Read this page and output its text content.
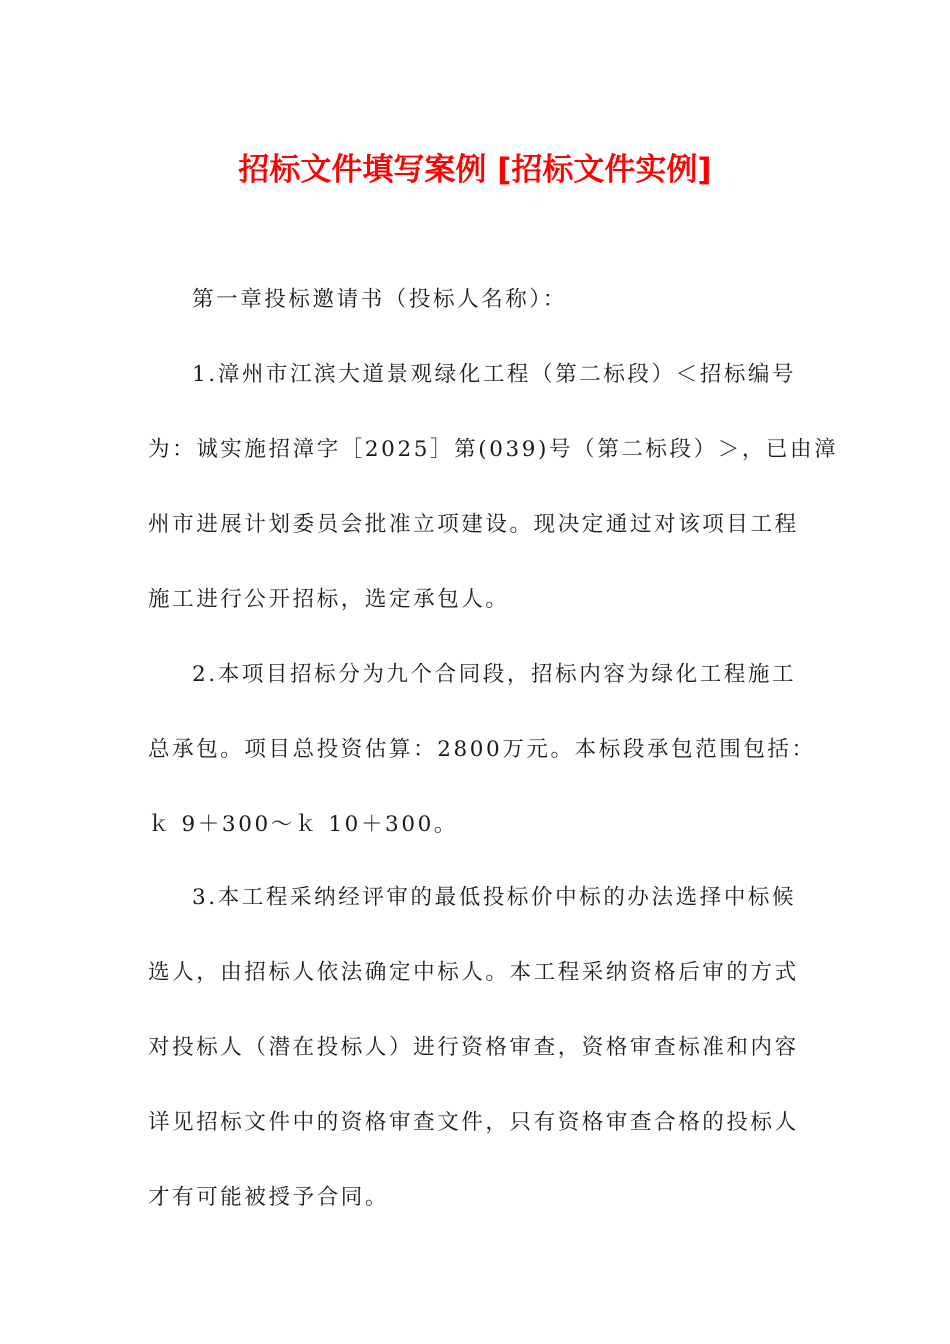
招标文件填写案例 [招标文件实例]
第一章投标邀请书（投标人名称）：
1.漳州市江滨大道景观绿化工程（第二标段）＜招标编号
为：诚实施招漳字［2025］第(039)号（第二标段）＞，已由漳
州市进展计划委员会批准立项建设。现决定通过对该项目工程
施工进行公开招标，选定承包人。
2.本项目招标分为九个合同段，招标内容为绿化工程施工
总承包。项目总投资估算：2800万元。本标段承包范围包括：
ｋ 9＋300～ｋ 10＋300。
3.本工程采纳经评审的最低投标价中标的办法选择中标候
选人，由招标人依法确定中标人。本工程采纳资格后审的方式
对投标人（潜在投标人）进行资格审查，资格审查标准和内容
详见招标文件中的资格审查文件，只有资格审查合格的投标人
才有可能被授予合同。
